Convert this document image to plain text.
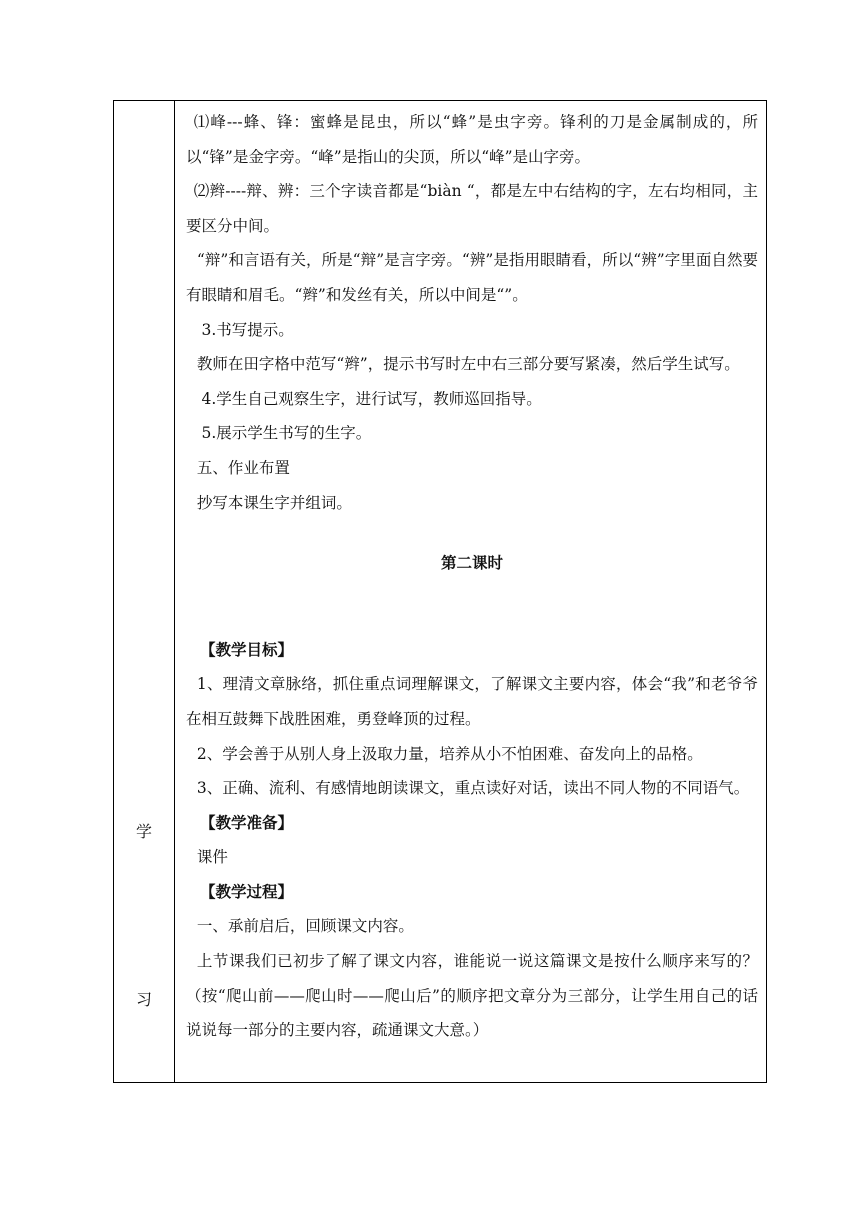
学
习

⑴峰---蜂、锋：蜜蜂是昆虫，所以“蜂”是虫字旁。锋利的刀是金属制成的，所以“锋”是金字旁。“峰”是指山的尖顶，所以“峰”是山字旁。

⑵辫----辩、辨：三个字读音都是“biàn “，都是左中右结构的字，左右均相同，主要区分中间。

“辩”和言语有关，所是“辩”是言字旁。“辨”是指用眼睛看，所以“辨”字里面自然要有眼睛和眉毛。“辫”和发丝有关，所以中间是“”。

3.书写提示。

教师在田字格中范写“辫”，提示书写时左中右三部分要写紧凑，然后学生试写。

4.学生自己观察生字，进行试写，教师巡回指导。

5.展示学生书写的生字。

五、作业布置

抄写本课生字并组词。

第二课时

【教学目标】

1、理清文章脉络，抓住重点词理解课文，了解课文主要内容，体会“我”和老爷爷在相互鼓舞下战胜困难，勇登峰顶的过程。

2、学会善于从别人身上汲取力量，培养从小不怕困难、奋发向上的品格。

3、正确、流利、有感情地朗读课文，重点读好对话，读出不同人物的不同语气。

【教学准备】

课件

【教学过程】

一、承前启后，回顾课文内容。

上节课我们已初步了解了课文内容，谁能说一说这篇课文是按什么顺序来写的？（按“爬山前——爬山时——爬山后”的顺序把文章分为三部分，让学生用自己的话说说每一部分的主要内容，疏通课文大意。）
